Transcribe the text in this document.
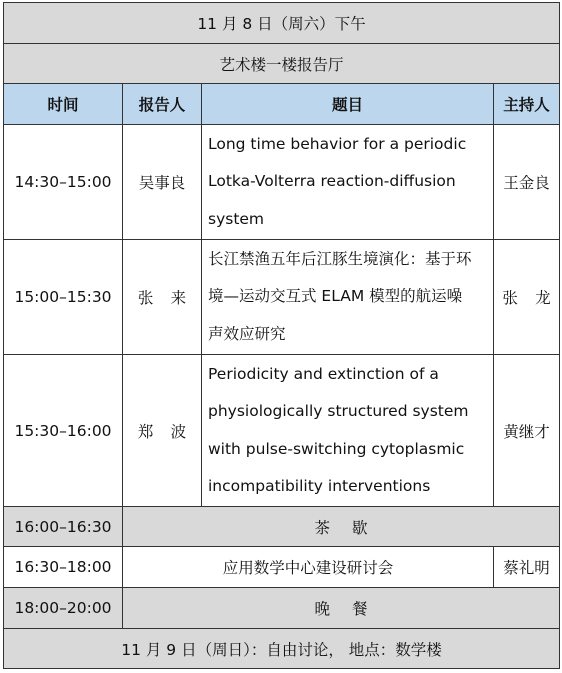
11 月 8 日（周六）下午			
艺术楼一楼报告厅			
时间	报告人	题目	主持人
14:30–15:00	吴事良	Long time behavior for a periodic
Lotka-Volterra reaction-diffusion
system	王金良
15:00–15:30	张 来	长江禁渔五年后江豚生境演化：基于环
境—运动交互式 ELAM 模型的航运噪
声效应研究	张 龙
15:30–16:00	郑 波	Periodicity and extinction of a
physiologically structured system
with pulse-switching cytoplasmic
incompatibility interventions	黄继才
16:00–16:30	茶 歇		
16:30–18:00	应用数学中心建设研讨会		蔡礼明
18:00–20:00	晚 餐		
11 月 9 日（周日）：自由讨论， 地点：数学楼			
